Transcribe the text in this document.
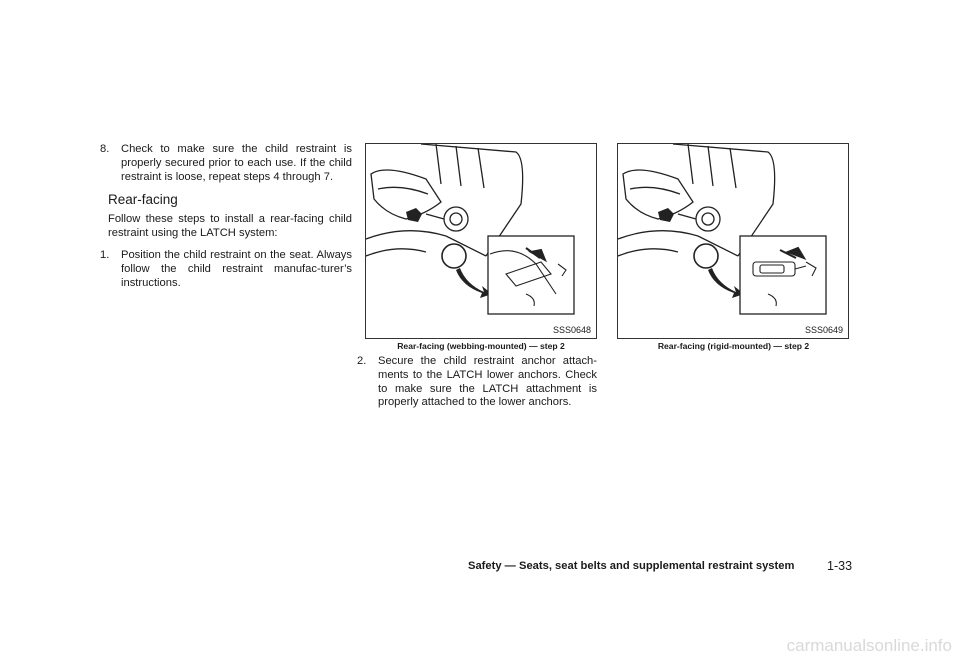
8. Check to make sure the child restraint is properly secured prior to each use. If the child restraint is loose, repeat steps 4 through 7.
Rear-facing
Follow these steps to install a rear-facing child restraint using the LATCH system:
1. Position the child restraint on the seat. Always follow the child restraint manufac-turer’s instructions.
SSS0648
Rear-facing (webbing-mounted) — step 2
2. Secure the child restraint anchor attach-ments to the LATCH lower anchors. Check to make sure the LATCH attachment is properly attached to the lower anchors.
SSS0649
Rear-facing (rigid-mounted) — step 2
Safety — Seats, seat belts and supplemental restraint system	1-33
carmanualsonline.info
